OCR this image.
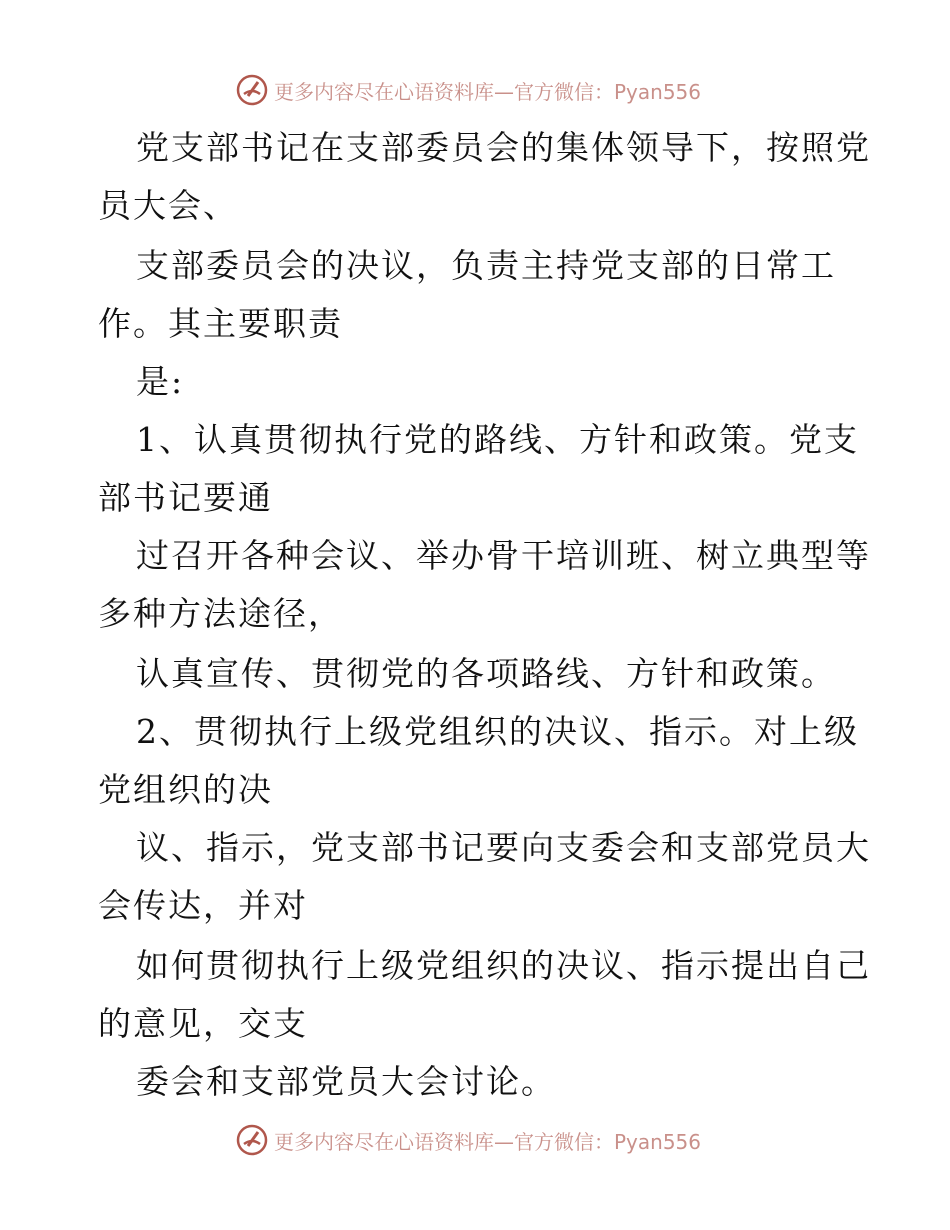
更多内容尽在心语资料库—官方微信：Pyan556
党支部书记在支部委员会的集体领导下，按照党
员大会、
支部委员会的决议，负责主持党支部的日常工
作。其主要职责
是:
1、认真贯彻执行党的路线、方针和政策。党支
部书记要通
过召开各种会议、举办骨干培训班、树立典型等
多种方法途径，
认真宣传、贯彻党的各项路线、方针和政策。
2、贯彻执行上级党组织的决议、指示。对上级
党组织的决
议、指示，党支部书记要向支委会和支部党员大
会传达，并对
如何贯彻执行上级党组织的决议、指示提出自己
的意见，交支
委会和支部党员大会讨论。
更多内容尽在心语资料库—官方微信：Pyan556
